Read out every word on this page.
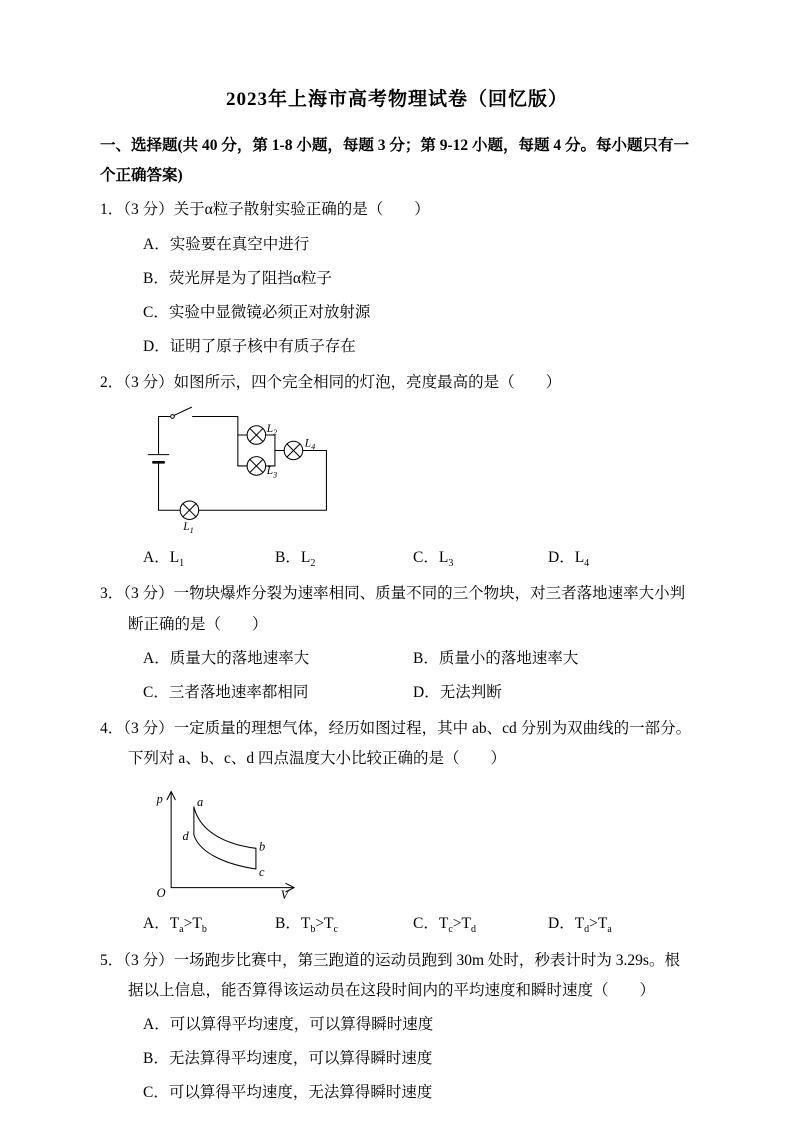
2023年上海市高考物理试卷（回忆版）

一、选择题(共 40 分，第 1-8 小题，每题 3 分；第 9-12 小题，每题 4 分。每小题只有一个正确答案)

1．（3 分）关于α粒子散射实验正确的是（　　）

A．实验要在真空中进行

B．荧光屏是为了阻挡α粒子

C．实验中显微镜必须正对放射源

D．证明了原子核中有质子存在

2．（3 分）如图所示，四个完全相同的灯泡，亮度最高的是（　　）

$L_2$
$L_3$
$L_4$
$L_1$
A．$L_1$	B．$L_2$	C．$L_3$	D．$L_4$

3．（3 分）一物块爆炸分裂为速率相同、质量不同的三个物块，对三者落地速率大小判断正确的是（　　）

A．质量大的落地速率大	B．质量小的落地速率大
C．三者落地速率都相同	D．无法判断

4．（3 分）一定质量的理想气体，经历如图过程，其中 ab、cd 分别为双曲线的一部分。下列对 a、b、c、d 四点温度大小比较正确的是（　　）

p
V
O
a
b
c
d
A．$T_a>T_b$	B．$T_b>T_c$	C．$T_c>T_d$	D．$T_d>T_a$

5．（3 分）一场跑步比赛中，第三跑道的运动员跑到 30m 处时，秒表计时为 3.29s。根据以上信息，能否算得该运动员在这段时间内的平均速度和瞬时速度（　　）

A．可以算得平均速度，可以算得瞬时速度

B．无法算得平均速度，可以算得瞬时速度

C．可以算得平均速度，无法算得瞬时速度
